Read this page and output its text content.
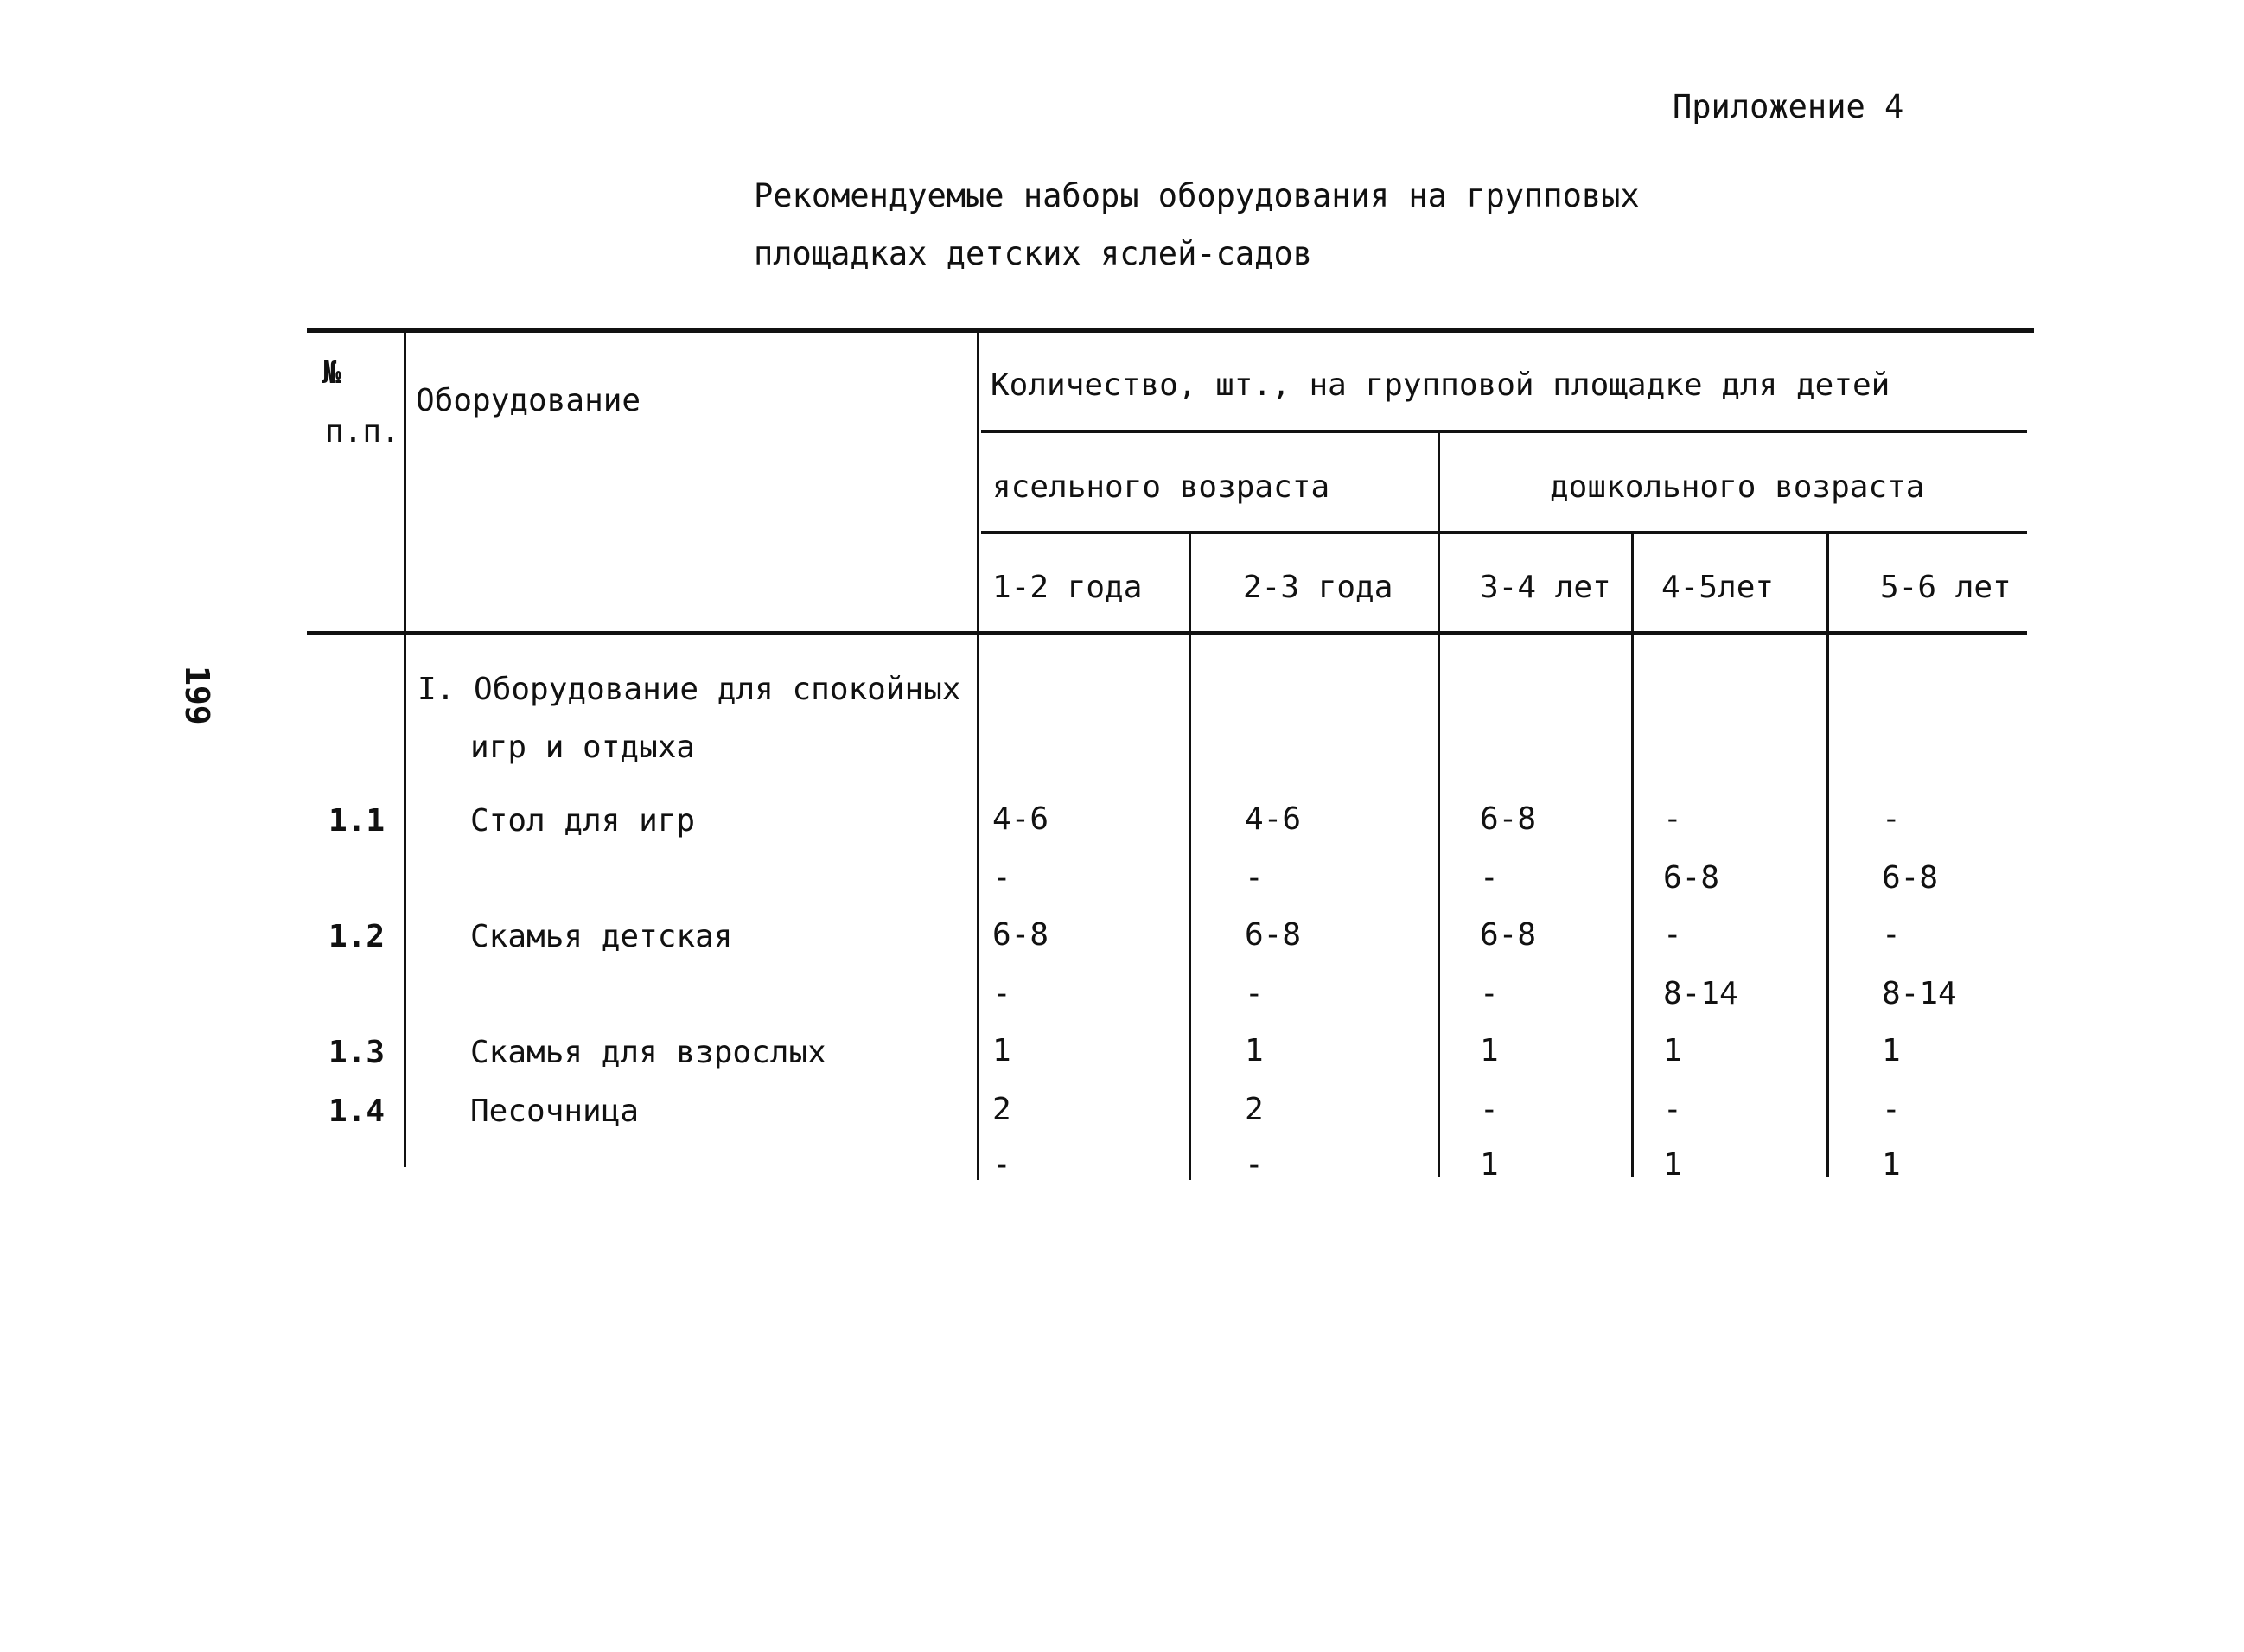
Приложение 4
Рекомендуемые наборы оборудования на групповых
площадках детских яслей-садов
199
№
п.п.
Оборудование	Количество, шт., на групповой площадке для детей
ясельного возраста	дошкольного возраста
1-2 года	2-3 года	3-4 лет 4-5лет	5-6 лет
I. Оборудование для спокойных
игр и отдыха
1.1	Стол для игр	4-6	4-6	6-8	-	-
-	-	-	6-8	6-8
1.2	Скамья детская	6-8	6-8	6-8	-	-
-	-	-	8-14	8-14
1.3	Скамья для взрослых	1	1	1	1	1
1.4	Песочница	2	2	-	-	-
-	-	1	1	1
